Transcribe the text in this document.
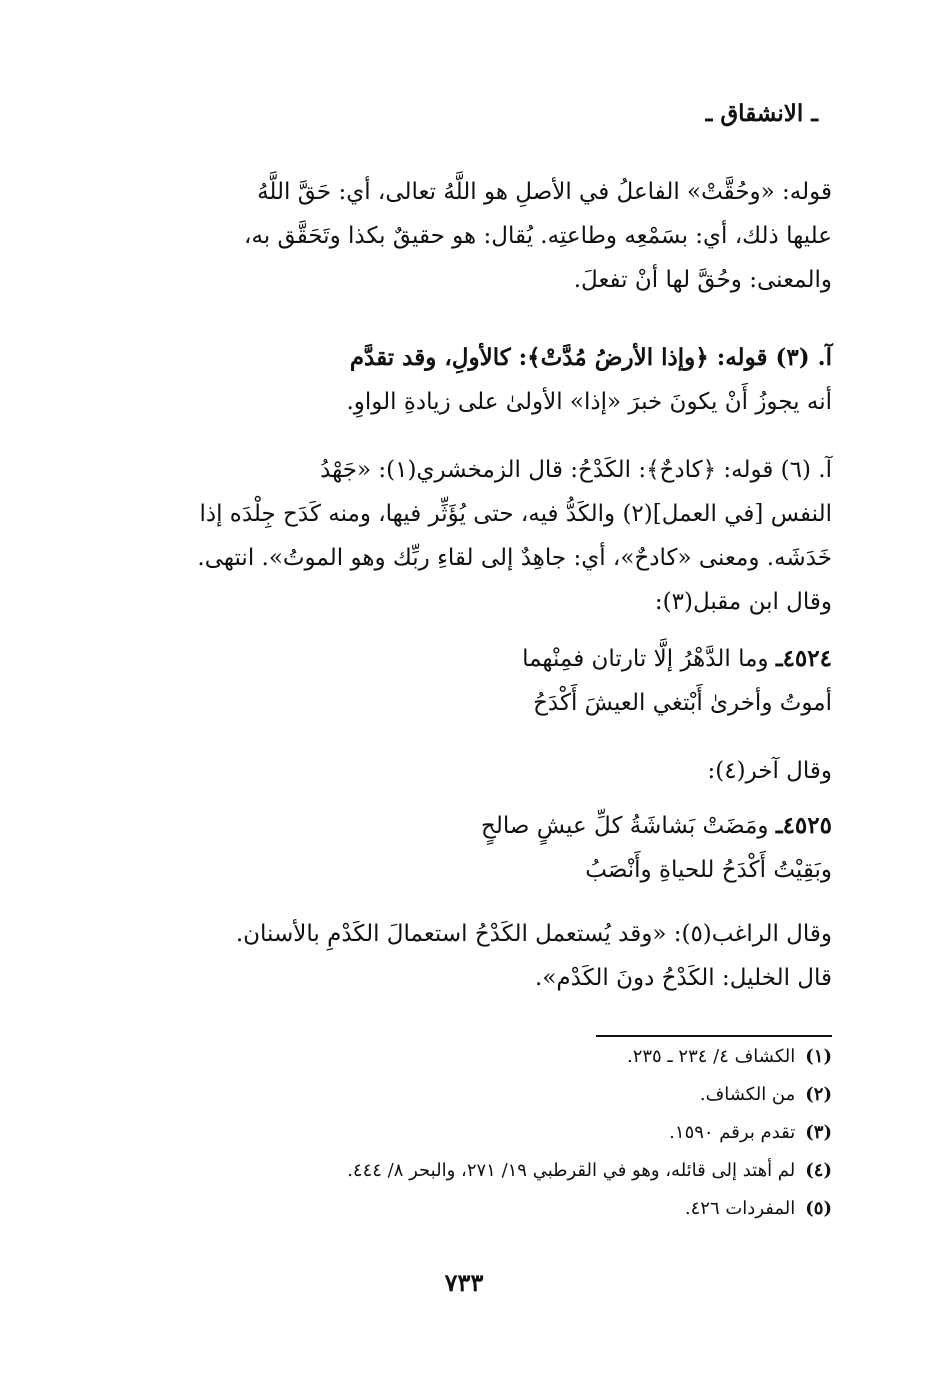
ـ الانشقاق ـ
قوله: «وحُقَّتْ» الفاعلُ في الأصلِ هو اللَّهُ تعالى، أي: حَقَّ اللَّهُ
عليها ذلك، أي: بسَمْعِه وطاعتِه. يُقال: هو حقيقٌ بكذا وتَحَقَّق به،
والمعنى: وحُقَّ لها أنْ تفعلَ.
آ. (٣) قوله: ﴿وإذا الأرضُ مُدَّتْ﴾: كالأولِ، وقد تقدَّم
أنه يجوزُ أَنْ يكونَ خبرَ «إذا» الأولىٰ على زيادةِ الواوِ.
آ. (٦) قوله: ﴿كادحٌ﴾: الكَدْحُ: قال الزمخشري(١): «جَهْدُ
النفس [في العمل](٢) والكَدُّ فيه، حتى يُؤَثِّر فيها، ومنه كَدَح جِلْدَه إذا
خَدَشَه. ومعنى «كادحٌ»، أي: جاهِدٌ إلى لقاءِ ربِّك وهو الموتُ». انتهى.
وقال ابن مقبل(٣):
٤٥٢٤ـ وما الدَّهْرُ إلَّا تارتان فمِنْهما
أموتُ وأخرىٰ أَبْتغي العيشَ أَكْدَحُ
وقال آخر(٤):
٤٥٢٥ـ ومَضَتْ بَشاشَةُ كلِّ عيشٍ صالحٍ
وبَقِيْتُ أَكْدَحُ للحياةِ وأَنْصَبُ
وقال الراغب(٥): «وقد يُستعمل الكَدْحُ استعمالَ الكَدْمِ بالأسنان.
قال الخليل: الكَدْحُ دونَ الكَدْم».
(١)الكشاف ٤/ ٢٣٤ ـ ٢٣٥.
(٢)من الكشاف.
(٣)تقدم برقم ١٥٩٠.
(٤)لم أهتد إلى قائله، وهو في القرطبي ١٩/ ٢٧١، والبحر ٨/ ٤٤٤.
(٥)المفردات ٤٢٦.
٧٣٣
